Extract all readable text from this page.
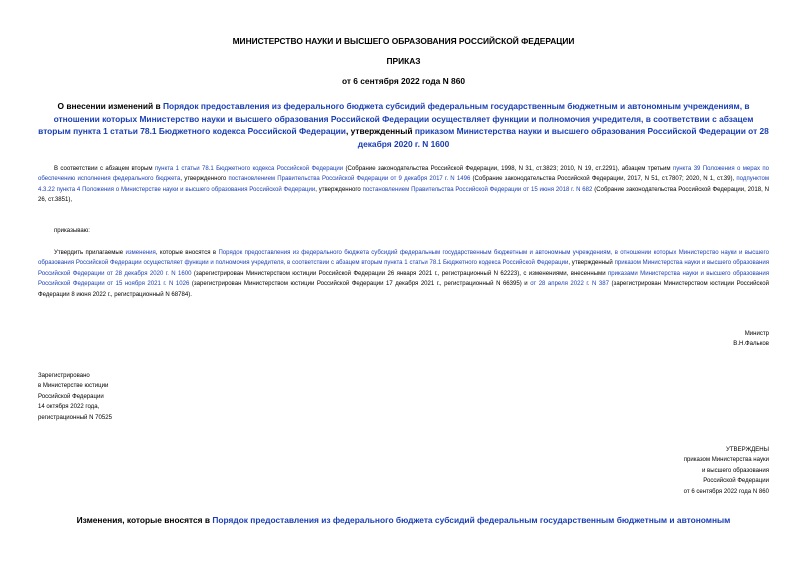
МИНИСТЕРСТВО НАУКИ И ВЫСШЕГО ОБРАЗОВАНИЯ РОССИЙСКОЙ ФЕДЕРАЦИИ
ПРИКАЗ
от 6 сентября 2022 года N 860
О внесении изменений в Порядок предоставления из федерального бюджета субсидий федеральным государственным бюджетным и автономным учреждениям, в отношении которых Министерство науки и высшего образования Российской Федерации осуществляет функции и полномочия учредителя, в соответствии с абзацем вторым пункта 1 статьи 78.1 Бюджетного кодекса Российской Федерации, утвержденный приказом Министерства науки и высшего образования Российской Федерации от 28 декабря 2020 г. N 1600
В соответствии с абзацем вторым пункта 1 статьи 78.1 Бюджетного кодекса Российской Федерации (Собрание законодательства Российской Федерации, 1998, N 31, ст.3823; 2010, N 19, ст.2291), абзацем третьим пункта 39 Положения о мерах по обеспечению исполнения федерального бюджета, утвержденного постановлением Правительства Российской Федерации от 9 декабря 2017 г. N 1496 (Собрание законодательства Российской Федерации, 2017, N 51, ст.7807; 2020, N 1, ст.39), подпунктом 4.3.22 пункта 4 Положения о Министерстве науки и высшего образования Российской Федерации, утвержденного постановлением Правительства Российской Федерации от 15 июня 2018 г. N 682 (Собрание законодательства Российской Федерации, 2018, N 26, ст.3851),
приказываю:
Утвердить прилагаемые изменения, которые вносятся в Порядок предоставления из федерального бюджета субсидий федеральным государственным бюджетным и автономным учреждениям, в отношении которых Министерство науки и высшего образования Российской Федерации осуществляет функции и полномочия учредителя, в соответствии с абзацем вторым пункта 1 статьи 78.1 Бюджетного кодекса Российской Федерации, утвержденный приказом Министерства науки и высшего образования Российской Федерации от 28 декабря 2020 г. N 1600 (зарегистрирован Министерством юстиции Российской Федерации 26 января 2021 г., регистрационный N 62223), с изменениями, внесенными приказами Министерства науки и высшего образования Российской Федерации от 15 ноября 2021 г. N 1026 (зарегистрирован Министерством юстиции Российской Федерации 17 декабря 2021 г., регистрационный N 66395) и от 28 апреля 2022 г. N 387 (зарегистрирован Министерством юстиции Российской Федерации 8 июня 2022 г., регистрационный N 68784).
Министр
В.Н.Фальков
Зарегистрировано
в Министерстве юстиции
Российской Федерации
14 октября 2022 года,
регистрационный N 70525
УТВЕРЖДЕНЫ
приказом Министерства науки
и высшего образования
Российской Федерации
от 6 сентября 2022 года N 860
Изменения, которые вносятся в Порядок предоставления из федерального бюджета субсидий федеральным государственным бюджетным и автономным
